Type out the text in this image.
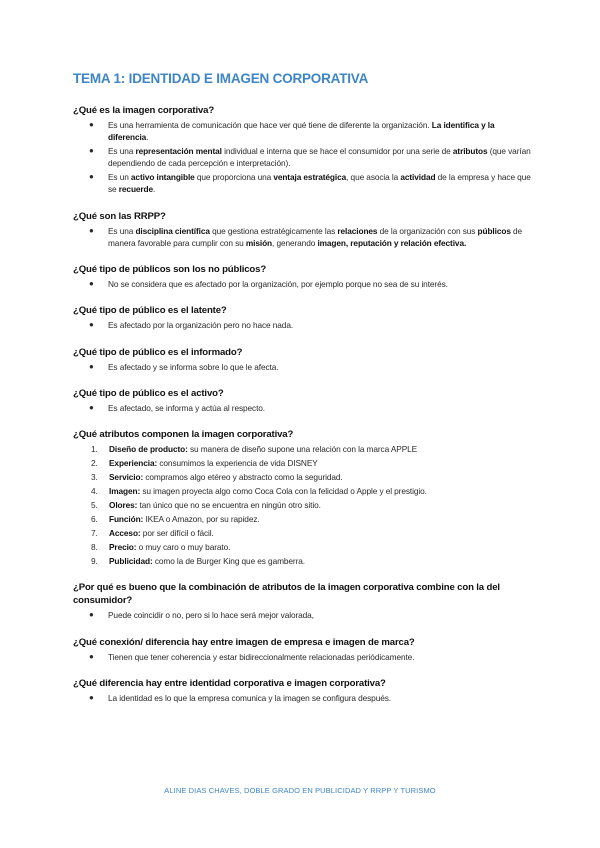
TEMA 1: IDENTIDAD E IMAGEN CORPORATIVA

¿Qué es la imagen corporativa?

● Es una herramienta de comunicación que hace ver qué tiene de diferente la organización. La identifica y la diferencia.
● Es una representación mental individual e interna que se hace el consumidor por una serie de atributos (que varían dependiendo de cada percepción e interpretación).
● Es un activo intangible que proporciona una ventaja estratégica, que asocia la actividad de la empresa y hace que se recuerde.

¿Qué son las RRPP?

● Es una disciplina científica que gestiona estratégicamente las relaciones de la organización con sus públicos de manera favorable para cumplir con su misión, generando imagen, reputación y relación efectiva.

¿Qué tipo de públicos son los no públicos?

● No se considera que es afectado por la organización, por ejemplo porque no sea de su interés.

¿Qué tipo de público es el latente?

● Es afectado por la organización pero no hace nada.

¿Qué tipo de público es el informado?

● Es afectado y se informa sobre lo que le afecta.

¿Qué tipo de público es el activo?

● Es afectado, se informa y actúa al respecto.

¿Qué atributos componen la imagen corporativa?

1. Diseño de producto: su manera de diseño supone una relación con la marca APPLE
2. Experiencia: consumimos la experiencia de vida DISNEY
3. Servicio: compramos algo etéreo y abstracto como la seguridad.
4. Imagen: su imagen proyecta algo como Coca Cola con la felicidad o Apple y el prestigio.
5. Olores: tan único que no se encuentra en ningún otro sitio.
6. Función: IKEA o Amazon, por su rapidez.
7. Acceso: por ser difícil o fácil.
8. Precio: o muy caro o muy barato.
9. Publicidad: como la de Burger King que es gamberra.

¿Por qué es bueno que la combinación de atributos de la imagen corporativa combine con la del consumidor?

● Puede coincidir o no, pero si lo hace será mejor valorada,

¿Qué conexión/ diferencia hay entre imagen de empresa e imagen de marca?

● Tienen que tener coherencia y estar bidireccionalmente relacionadas periódicamente.

¿Qué diferencia hay entre identidad corporativa e imagen corporativa?

● La identidad es lo que la empresa comunica y la imagen se configura después.
ALINE DIAS CHAVES, DOBLE GRADO EN PUBLICIDAD Y RRPP Y TURISMO
